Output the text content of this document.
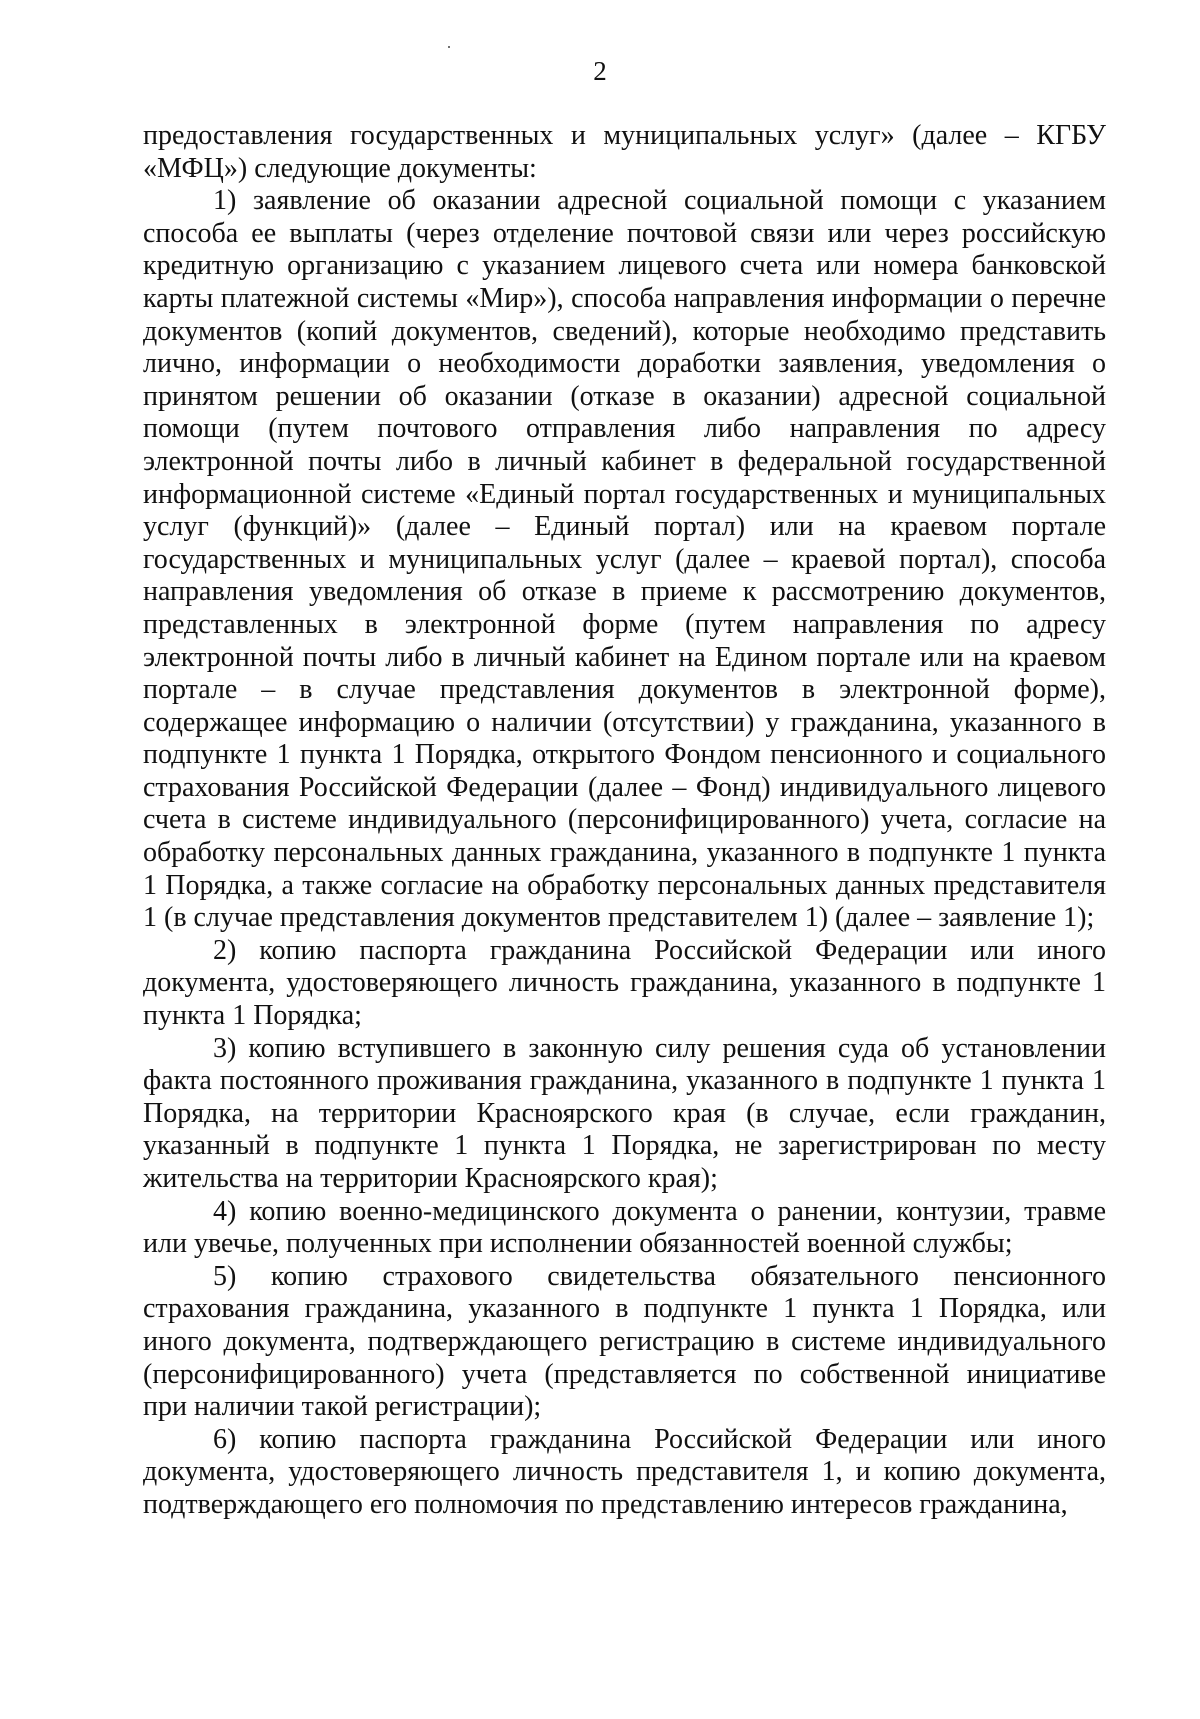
2

предоставления государственных и муниципальных услуг» (далее – КГБУ «МФЦ») следующие документы:

1) заявление об оказании адресной социальной помощи с указанием способа ее выплаты (через отделение почтовой связи или через российскую кредитную организацию с указанием лицевого счета или номера банковской карты платежной системы «Мир»), способа направления информации о перечне документов (копий документов, сведений), которые необходимо представить лично, информации о необходимости доработки заявления, уведомления о принятом решении об оказании (отказе в оказании) адресной социальной помощи (путем почтового отправления либо направления по адресу электронной почты либо в личный кабинет в федеральной государственной информационной системе «Единый портал государственных и муниципальных услуг (функций)» (далее – Единый портал) или на краевом портале государственных и муниципальных услуг (далее – краевой портал), способа направления уведомления об отказе в приеме к рассмотрению документов, представленных в электронной форме (путем направления по адресу электронной почты либо в личный кабинет на Едином портале или на краевом портале – в случае представления документов в электронной форме), содержащее информацию о наличии (отсутствии) у гражданина, указанного в подпункте 1 пункта 1 Порядка, открытого Фондом пенсионного и социального страхования Российской Федерации (далее – Фонд) индивидуального лицевого счета в системе индивидуального (персонифицированного) учета, согласие на обработку персональных данных гражданина, указанного в подпункте 1 пункта 1 Порядка, а также согласие на обработку персональных данных представителя 1 (в случае представления документов представителем 1) (далее – заявление 1);

2) копию паспорта гражданина Российской Федерации или иного документа, удостоверяющего личность гражданина, указанного в подпункте 1 пункта 1 Порядка;

3) копию вступившего в законную силу решения суда об установлении факта постоянного проживания гражданина, указанного в подпункте 1 пункта 1 Порядка, на территории Красноярского края (в случае, если гражданин, указанный в подпункте 1 пункта 1 Порядка, не зарегистрирован по месту жительства на территории Красноярского края);

4) копию военно-медицинского документа о ранении, контузии, травме или увечье, полученных при исполнении обязанностей военной службы;

5) копию страхового свидетельства обязательного пенсионного страхования гражданина, указанного в подпункте 1 пункта 1 Порядка, или иного документа, подтверждающего регистрацию в системе индивидуального (персонифицированного) учета (представляется по собственной инициативе при наличии такой регистрации);

6) копию паспорта гражданина Российской Федерации или иного документа, удостоверяющего личность представителя 1, и копию документа, подтверждающего его полномочия по представлению интересов гражданина,
